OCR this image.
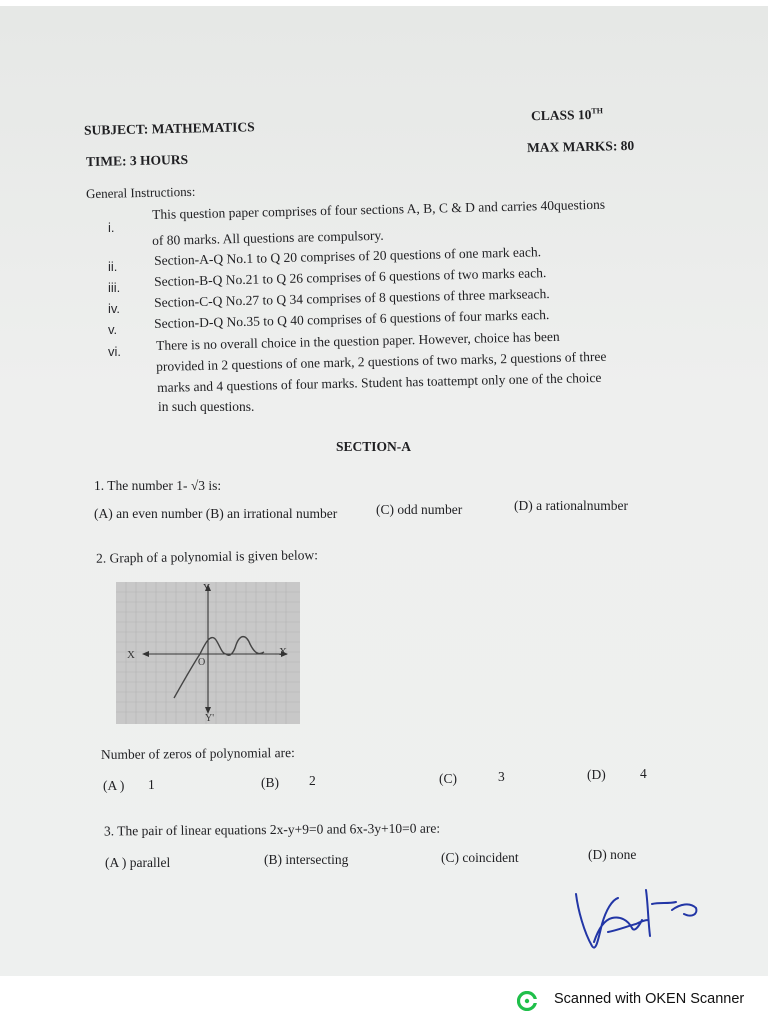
SUBJECT: MATHEMATICS
CLASS 10TH
TIME: 3 HOURS
MAX MARKS: 80
General Instructions:
i.
This question paper comprises of four sections A, B, C & D and carries 40questions
of 80 marks. All questions are compulsory.
ii.	Section-A-Q No.1 to Q 20 comprises of 20 questions of one mark each.
iii. Section-B-Q No.21 to Q 26 comprises of 6 questions of two marks each.
iv.	Section-C-Q No.27 to Q 34 comprises of 8 questions of three markseach.
v.	Section-D-Q No.35 to Q 40 comprises of 6 questions of four marks each.
vi.	There is no overall choice in the question paper. However, choice has been
provided in 2 questions of one mark, 2 questions of two marks, 2 questions of three
marks and 4 questions of four marks. Student has toattempt only one of the choice
in such questions.
SECTION-A
1. The number 1- √3 is:
(A) an even number (B) an irrational number	(C) odd number	(D) a rationalnumber
2. Graph of a polynomial is given below:
X	X
Y
Y'
O
Number of zeros of polynomial are:
(A ) 1	(B) 2	(C)	3	(D)	4
3. The pair of linear equations 2x-y+9=0 and 6x-3y+10=0 are:
(A ) parallel	(B) intersecting	(C) coincident	(D) none
Scanned with OKEN Scanner
